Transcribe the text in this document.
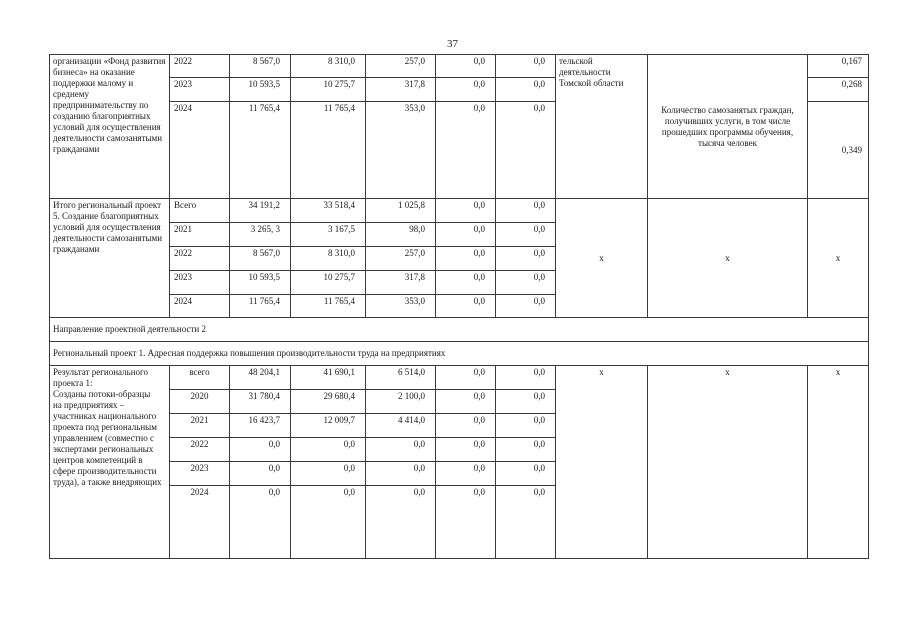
37
организации «Фонд развития бизнеса» на оказание поддержки малому и среднему предпринимательству по созданию благоприятных условий для осуществления деятельности самозанятыми гражданами	2022	8 567,0	8 310,0	257,0	0,0	0,0	тельской деятельности Томской области	Количество самозанятых граждан, получивших услуги, в том числе прошедших программы обучения, тысяча человек	0,167
	2023	10 593,5	10 275,7	317,8	0,0	0,0			0,268
	2024	11 765,4	11 765,4	353,0	0,0	0,0			0,349
Итого региональный проект 5. Создание благоприятных условий для осуществления деятельности самозанятыми гражданами	Всего	34 191,2	33 518,4	1 025,8	0,0	0,0	x	x	x
	2021	3 265, 3	3 167,5	98,0	0,0	0,0			
	2022	8 567,0	8 310,0	257,0	0,0	0,0			
	2023	10 593,5	10 275,7	317,8	0,0	0,0			
	2024	11 765,4	11 765,4	353,0	0,0	0,0			
Направление проектной деятельности 2									
Региональный проект 1. Адресная поддержка повышения производительности труда на предприятиях									
Результат регионального проекта 1:
Созданы потоки-образцы
на предприятиях – участниках национального проекта под региональным управлением (совместно с экспертами региональных центров компетенций в сфере производительности труда), а также внедряющих	всего	48 204,1	41 690,1	6 514,0	0,0	0,0	x	x	x
	2020	31 780,4	29 680,4	2 100,0	0,0	0,0			
	2021	16 423,7	12 009,7	4 414,0	0,0	0,0			
	2022	0,0	0,0	0,0	0,0	0,0			
	2023	0,0	0,0	0,0	0,0	0,0			
	2024	0,0	0,0	0,0	0,0	0,0			
